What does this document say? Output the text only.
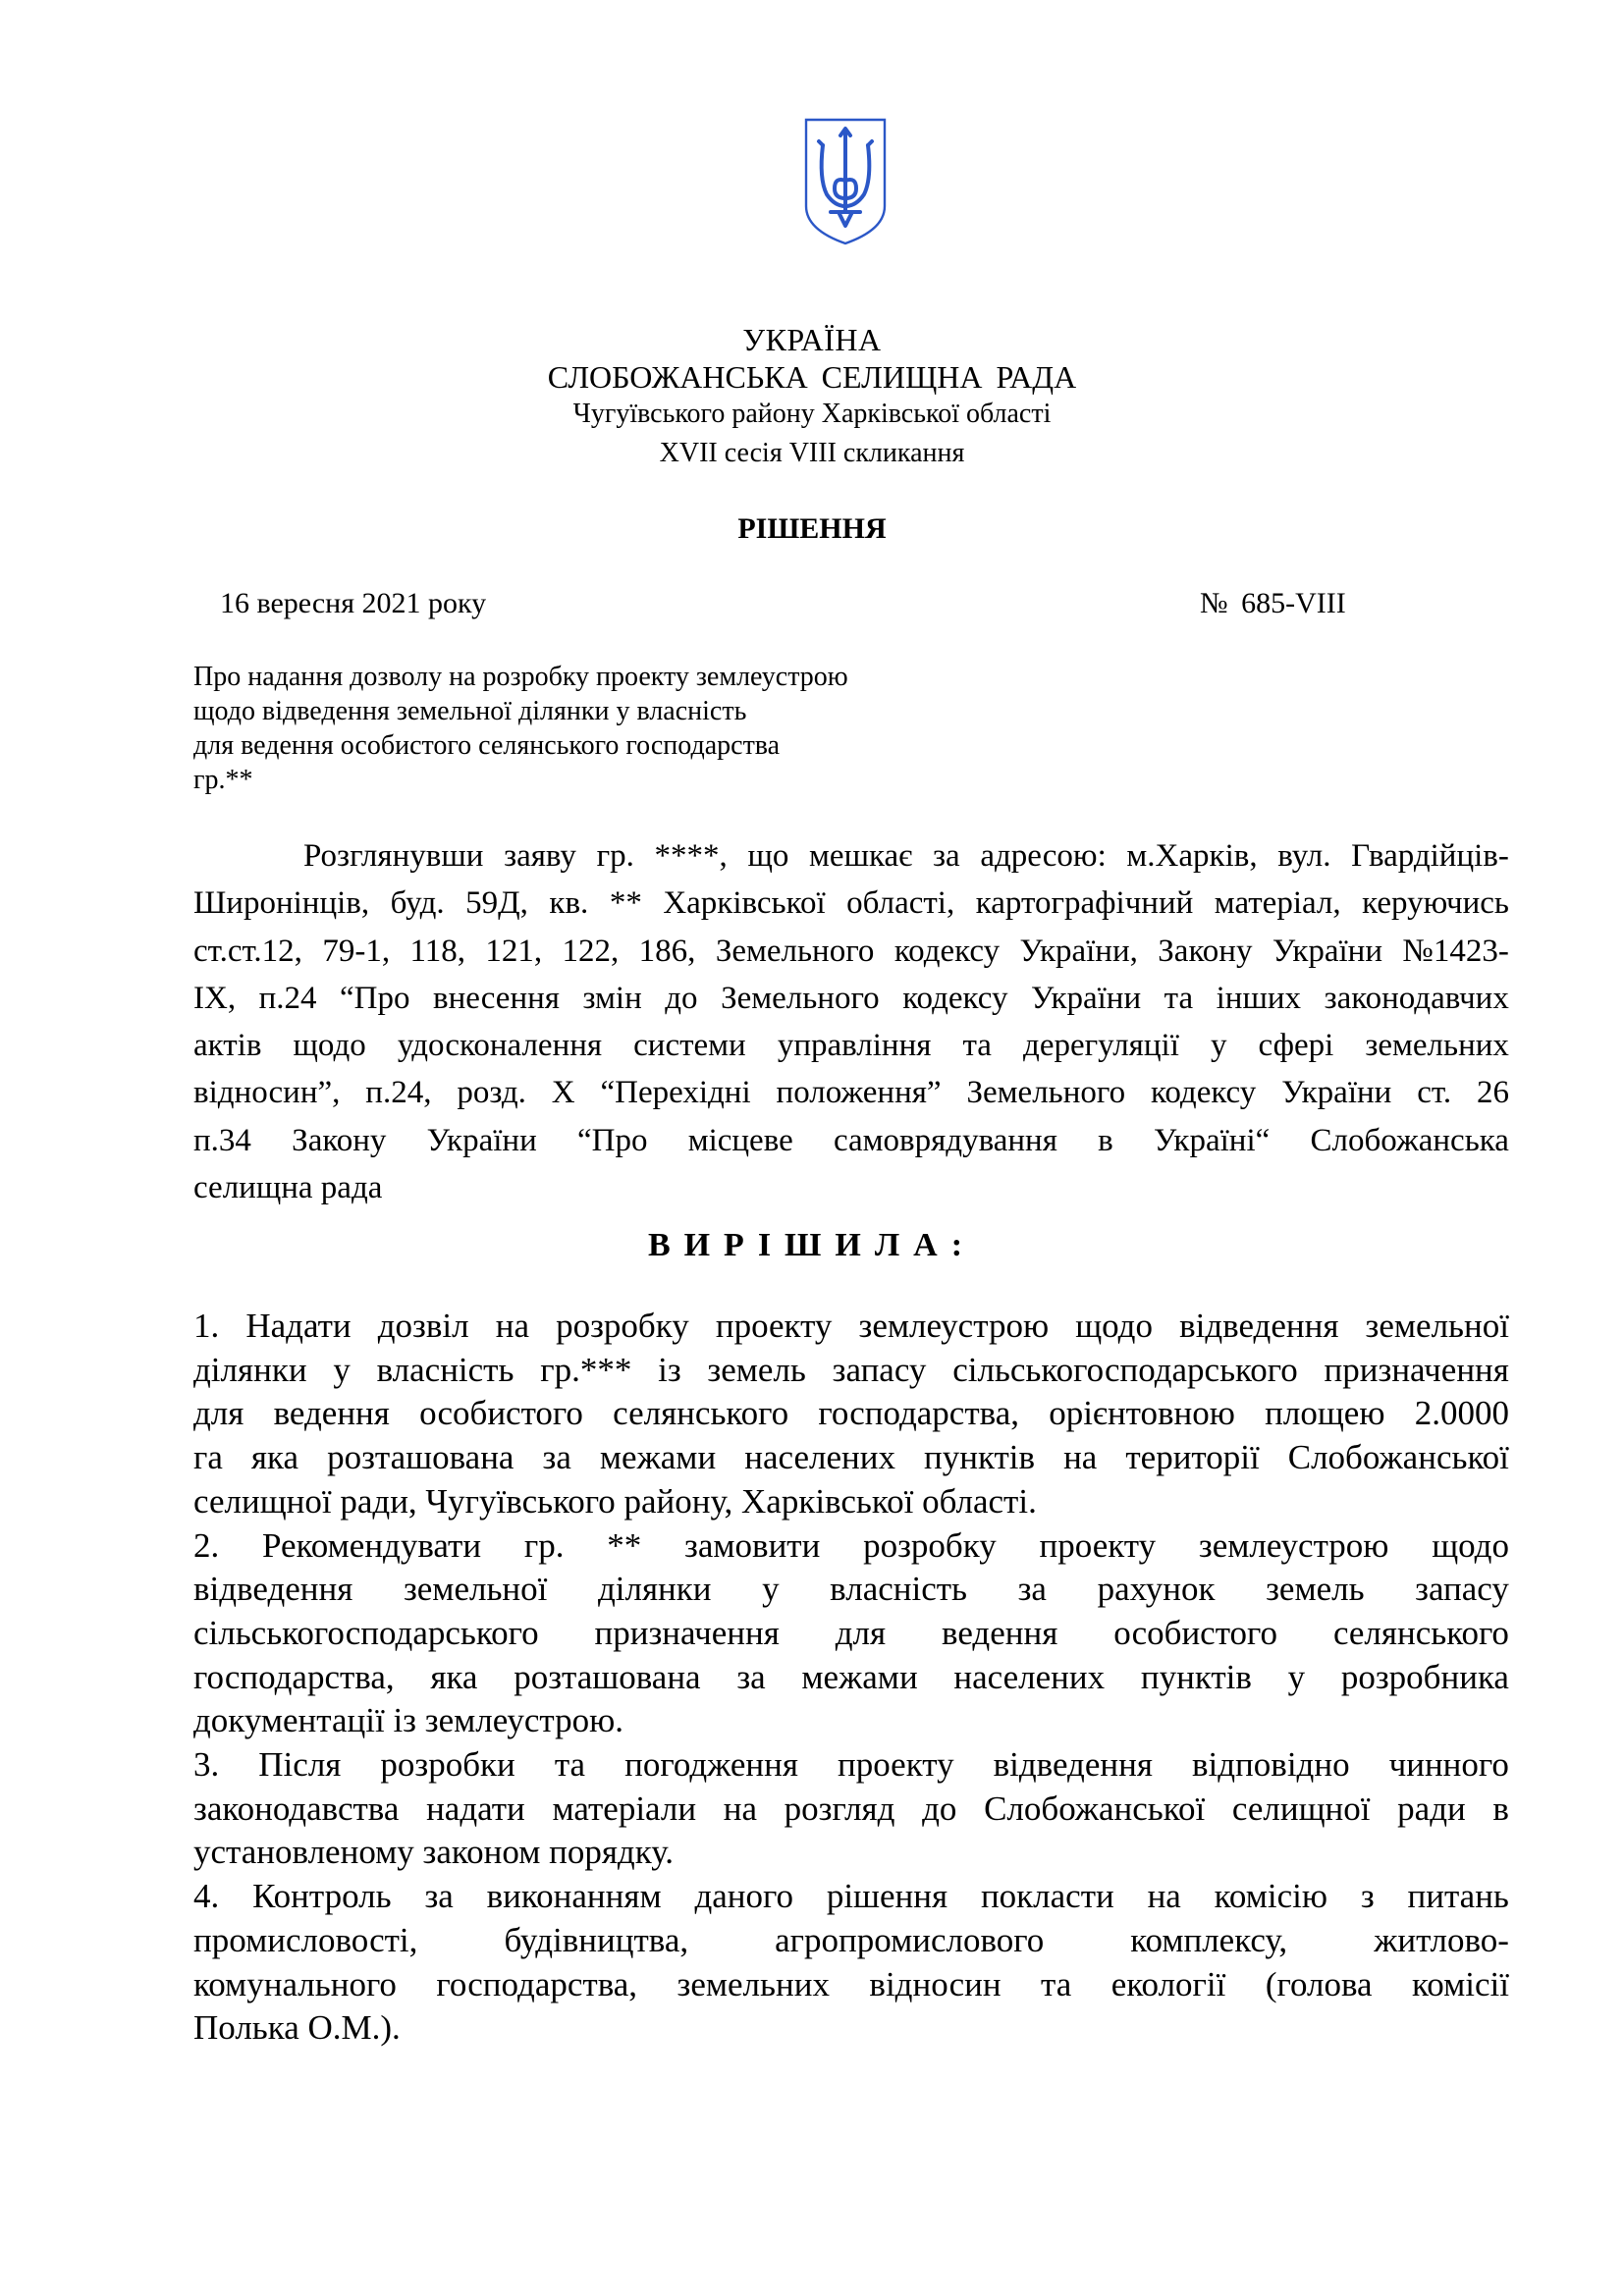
УКРАЇНА
СЛОБОЖАНСЬКА СЕЛИЩНА РАДА
Чугуївського району Харківської області
XVII сесія VIII скликання
РІШЕННЯ
16 вересня 2021 року	№ 685-VIII
Про надання дозволу на розробку проекту землеустрою
щодо відведення земельної ділянки у власність
для ведення особистого селянського господарства
гр.**
Розглянувши заяву гр. ****, що мешкає за адресою: м.Харків, вул. Гвардійців-
Широнінців, буд. 59Д, кв. ** Харківської області, картографічний матеріал, керуючись
ст.ст.12, 79-1, 118, 121, 122, 186, Земельного кодексу України, Закону України №1423-
IX, п.24 “Про внесення змін до Земельного кодексу України та інших законодавчих
актів щодо удосконалення системи управління та дерегуляції у сфері земельних
відносин”, п.24, розд. Х “Перехідні положення” Земельного кодексу України ст. 26
п.34 Закону України “Про місцеве самоврядування в Україні“ Слобожанська
селищна рада
ВИРІШИЛА:
1. Надати дозвіл на розробку проекту землеустрою щодо відведення земельної
ділянки у власність гр.*** із земель запасу сільськогосподарського призначення
для ведення особистого селянського господарства, орієнтовною площею 2.0000
га яка розташована за межами населених пунктів на території Слобожанської
селищної ради, Чугуївського району, Харківської області.
2. Рекомендувати гр. ** замовити розробку проекту землеустрою щодо
відведення земельної ділянки у власність за рахунок земель запасу
сільськогосподарського призначення для ведення особистого селянського
господарства, яка розташована за межами населених пунктів у розробника
документації із землеустрою.
3. Після розробки та погодження проекту відведення відповідно чинного
законодавства надати матеріали на розгляд до Слобожанської селищної ради в
установленому законом порядку.
4. Контроль за виконанням даного рішення покласти на комісію з питань
промисловості,	будівництва,	агропромислового	комплексу,	житлово-
комунального господарства, земельних відносин та екології (голова комісії
Полька О.М.).
